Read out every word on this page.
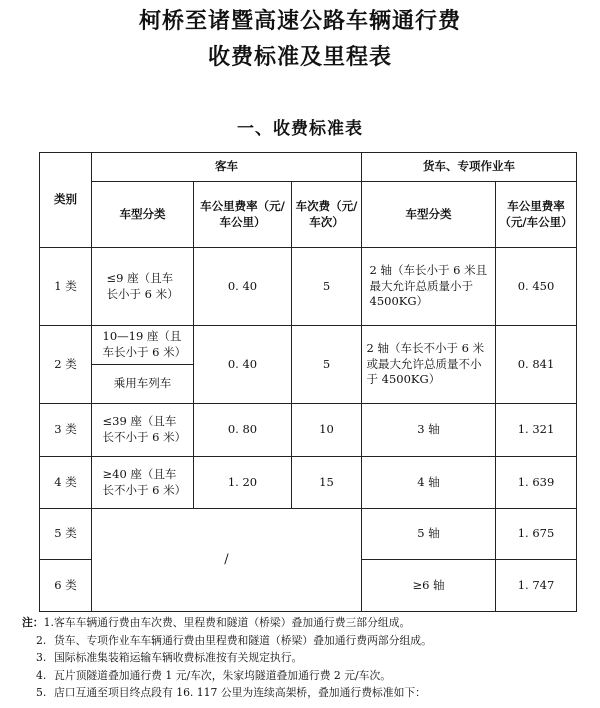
柯桥至诸暨高速公路车辆通行费
收费标准及里程表
一、收费标准表
类别	客车			货车、专项作业车	
	车型分类	车公里费率（元/车公里）	车次费（元/车次）	车型分类	车公里费率（元/车公里）
1 类	≤9 座（且车长小于 6 米）	0. 40	5	2 轴（车长小于 6 米且最大允许总质量小于4500KG）	0. 450
2 类	10—19 座（且车长小于 6 米）	0. 40	5	2 轴（车长不小于 6 米或最大允许总质量不小于 4500KG）	0. 841
	乘用车列车				
3 类	≤39 座（且车长不小于 6 米）	0. 80	10	3 轴	1. 321
4 类	≥40 座（且车长不小于 6 米）	1. 20	15	4 轴	1. 639
5 类	/			5 轴	1. 675
6 类				≥6 轴	1. 747
注：1. 客车车辆通行费由车次费、里程费和隧道（桥梁）叠加通行费三部分组成。
2. 货车、专项作业车车辆通行费由里程费和隧道（桥梁）叠加通行费两部分组成。
3. 国际标准集装箱运输车辆收费标准按有关规定执行。
4. 瓦片顶隧道叠加通行费 1 元/车次，朱家坞隧道叠加通行费 2 元/车次。
5. 店口互通至项目终点段有 16. 117 公里为连续高架桥，叠加通行费标准如下：
